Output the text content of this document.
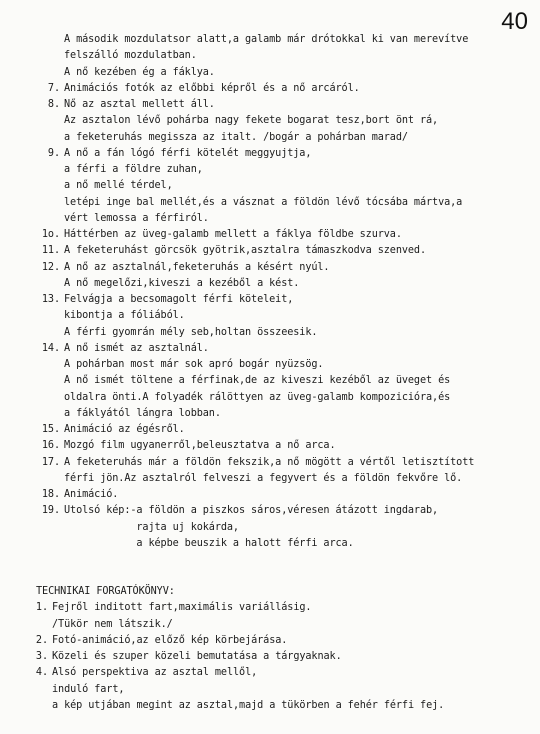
40
A második mozdulatsor alatt,a galamb már drótokkal ki van merevítve
felszálló mozdulatban.
A nő kezében ég a fáklya.
7. Animációs fotók az előbbi képről és a nő arcáról.
8. Nő az asztal mellett áll.
Az asztalon lévő pohárba nagy fekete bogarat tesz,bort önt rá,
a feketeruhás megissza az italt. /bogár a pohárban marad/
9. A nő a fán lógó férfi kötelét meggyujtja,
a férfi a földre zuhan,
a nő mellé térdel,
letépi inge bal mellét,és a vásznat a földön lévő tócsába mártva,a
vért lemossa a férfiról.
1o. Háttérben az üveg-galamb mellett a fáklya földbe szurva.
11. A feketeruhást görcsök gyötrik,asztalra támaszkodva szenved.
12. A nő az asztalnál,feketeruhás a késért nyúl.
A nő megelőzi,kiveszi a kezéből a kést.
13. Felvágja a becsomagolt férfi köteleit,
kibontja a fóliából.
A férfi gyomrán mély seb,holtan összeesik.
14. A nő ismét az asztalnál.
A pohárban most már sok apró bogár nyüzsög.
A nő ismét töltene a férfinak,de az kiveszi kezéből az üveget és
oldalra önti.A folyadék rálöttyen az üveg-galamb kompozicióra,és
a fáklyától lángra lobban.
15. Animáció az égésről.
16. Mozgó film ugyanerről,beleusztatva a nő arca.
17. A feketeruhás már a földön fekszik,a nő mögött a vértől letisztított
férfi jön.Az asztalról felveszi a fegyvert és a földön fekvőre lő.
18. Animáció.
19. Utolsó kép:-a földön a piszkos sáros,véresen átázott ingdarab,
rajta uj kokárda,
a képbe beuszik a halott férfi arca.

TECHNIKAI FORGATÓKÖNYV:

1. Fejről inditott fart,maximális variállásig.
/Tükör nem látszik./
2. Fotó-animáció,az előző kép körbejárása.
3. Közeli és szuper közeli bemutatása a tárgyaknak.
4. Alsó perspektiva az asztal mellől,
induló fart,
a kép utjában megint az asztal,majd a tükörben a fehér férfi fej.
